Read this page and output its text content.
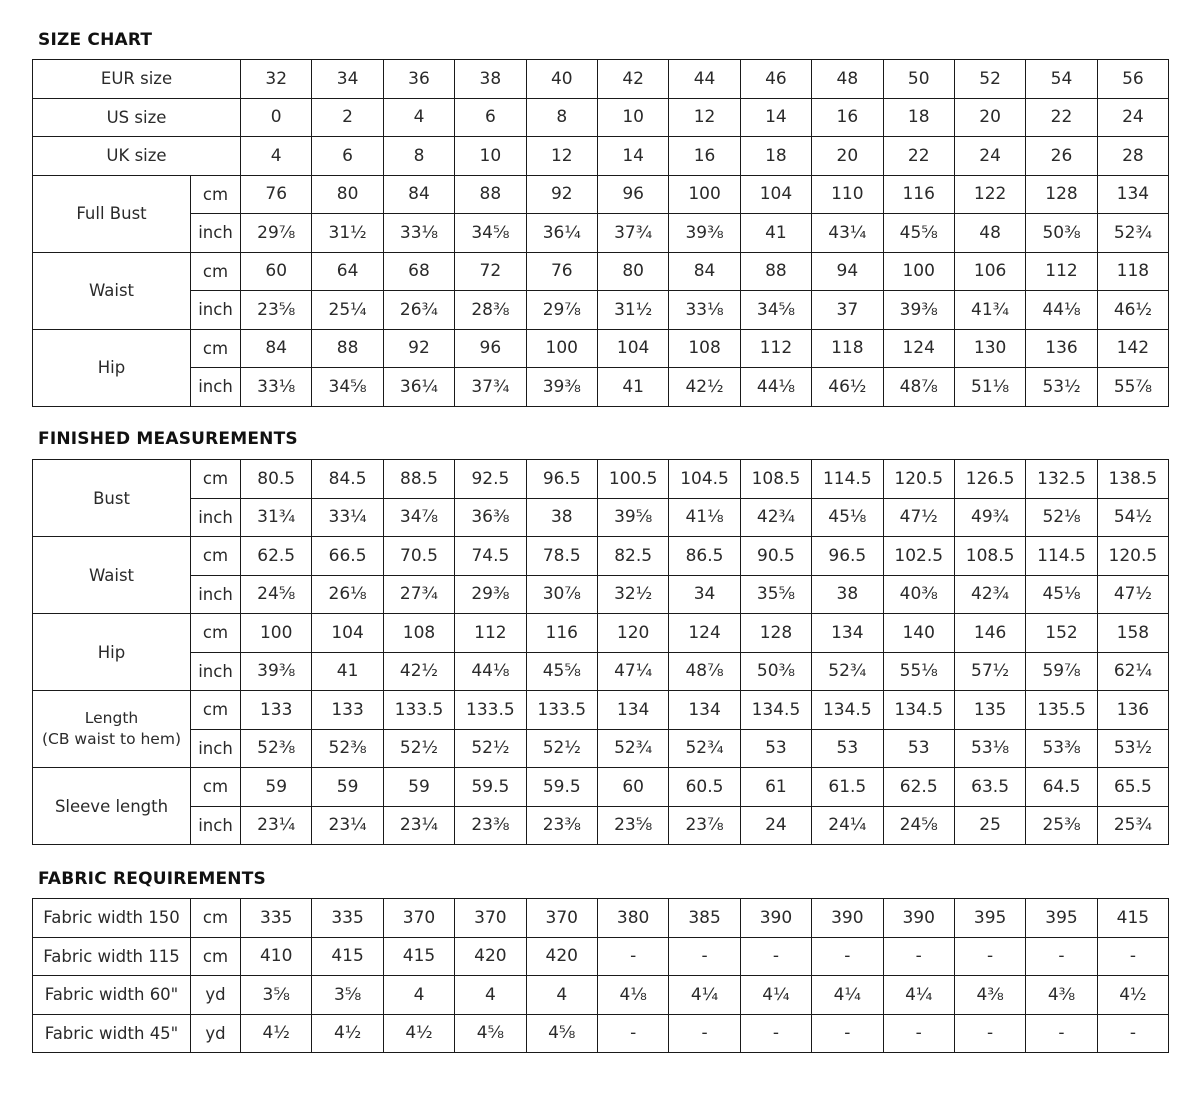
SIZE CHART
EUR size		32	34	36	38	40	42	44	46	48	50	52	54	56
US size		0	2	4	6	8	10	12	14	16	18	20	22	24
UK size		4	6	8	10	12	14	16	18	20	22	24	26	28

Full Bust	cm	76	80	84	88	92	96	100	104	110	116	122	128	134
	inch	29⅞	31½	33⅛	34⅝	36¼	37¾	39⅜	41	43¼	45⅝	48	50⅜	52¾

Waist	cm	60	64	68	72	76	80	84	88	94	100	106	112	118
	inch	23⅝	25¼	26¾	28⅜	29⅞	31½	33⅛	34⅝	37	39⅜	41¾	44⅛	46½

Hip	cm	84	88	92	96	100	104	108	112	118	124	130	136	142
	inch	33⅛	34⅝	36¼	37¾	39⅜	41	42½	44⅛	46½	48⅞	51⅛	53½	55⅞
FINISHED MEASUREMENTS
Bust	cm	80.5	84.5	88.5	92.5	96.5	100.5	104.5	108.5	114.5	120.5	126.5	132.5	138.5
	inch	31¾	33¼	34⅞	36⅜	38	39⅝	41⅛	42¾	45⅛	47½	49¾	52⅛	54½

Waist	cm	62.5	66.5	70.5	74.5	78.5	82.5	86.5	90.5	96.5	102.5	108.5	114.5	120.5
	inch	24⅝	26⅛	27¾	29⅜	30⅞	32½	34	35⅝	38	40⅜	42¾	45⅛	47½

Hip	cm	100	104	108	112	116	120	124	128	134	140	146	152	158
	inch	39⅜	41	42½	44⅛	45⅝	47¼	48⅞	50⅜	52¾	55⅛	57½	59⅞	62¼

Length
(CB waist to hem)	cm	133	133	133.5	133.5	133.5	134	134	134.5	134.5	134.5	135	135.5	136
	inch	52⅜	52⅜	52½	52½	52½	52¾	52¾	53	53	53	53⅛	53⅜	53½

Sleeve length	cm	59	59	59	59.5	59.5	60	60.5	61	61.5	62.5	63.5	64.5	65.5
	inch	23¼	23¼	23¼	23⅜	23⅜	23⅝	23⅞	24	24¼	24⅝	25	25⅜	25¾
FABRIC REQUIREMENTS
Fabric width 150	cm	335	335	370	370	370	380	385	390	390	390	395	395	415
Fabric width 115	cm	410	415	415	420	420	-	-	-	-	-	-	-	-
Fabric width 60"	yd	3⅝	3⅝	4	4	4	4⅛	4¼	4¼	4¼	4¼	4⅜	4⅜	4½
Fabric width 45"	yd	4½	4½	4½	4⅝	4⅝	-	-	-	-	-	-	-	-
